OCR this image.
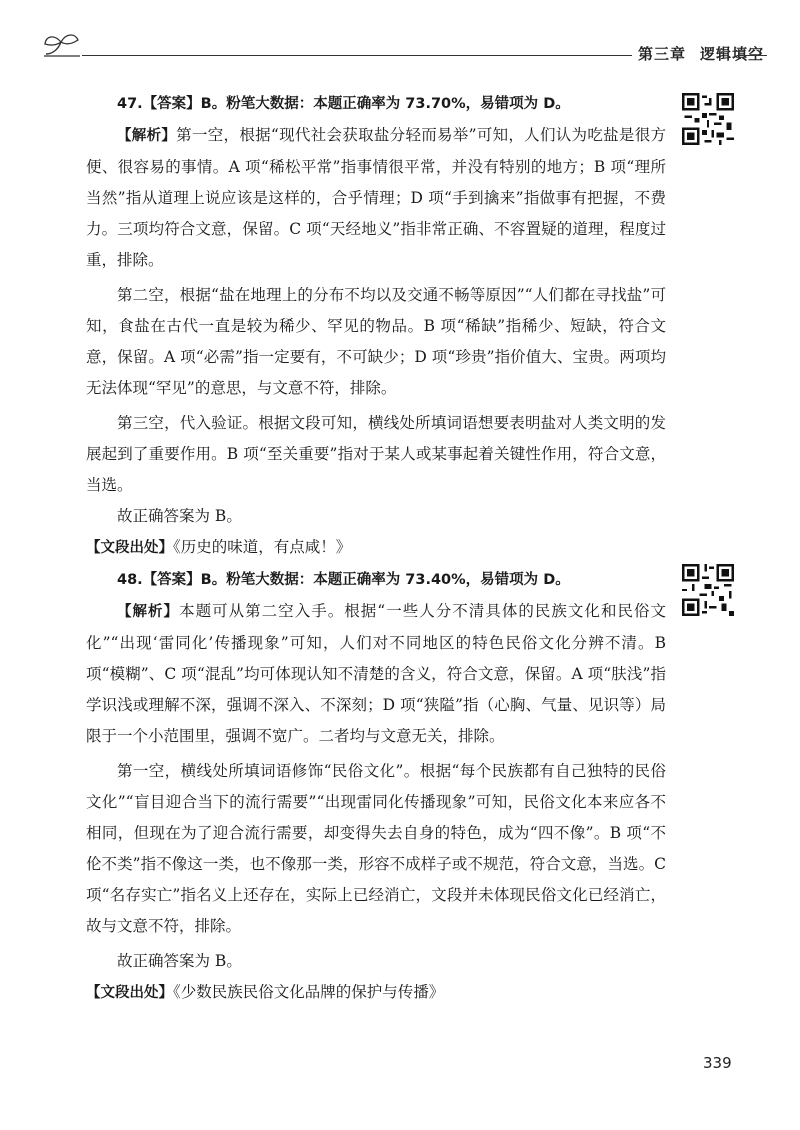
第三章 逻辑填空

47.【答案】B。粉笔大数据：本题正确率为 73.70%，易错项为 D。

【解析】第一空，根据“现代社会获取盐分轻而易举”可知，人们认为吃盐是很方便、很容易的事情。A 项“稀松平常”指事情很平常，并没有特别的地方；B 项“理所当然”指从道理上说应该是这样的，合乎情理；D 项“手到擒来”指做事有把握，不费力。三项均符合文意，保留。C 项“天经地义”指非常正确、不容置疑的道理，程度过重，排除。

第二空，根据“盐在地理上的分布不均以及交通不畅等原因”“人们都在寻找盐”可知，食盐在古代一直是较为稀少、罕见的物品。B 项“稀缺”指稀少、短缺，符合文意，保留。A 项“必需”指一定要有，不可缺少；D 项“珍贵”指价值大、宝贵。两项均无法体现“罕见”的意思，与文意不符，排除。

第三空，代入验证。根据文段可知，横线处所填词语想要表明盐对人类文明的发展起到了重要作用。B 项“至关重要”指对于某人或某事起着关键性作用，符合文意，当选。

故正确答案为 B。

【文段出处】《历史的味道，有点咸！》

48.【答案】B。粉笔大数据：本题正确率为 73.40%，易错项为 D。

【解析】本题可从第二空入手。根据“一些人分不清具体的民族文化和民俗文化”“出现‘雷同化’传播现象”可知，人们对不同地区的特色民俗文化分辨不清。B 项“模糊”、C 项“混乱”均可体现认知不清楚的含义，符合文意，保留。A 项“肤浅”指学识浅或理解不深，强调不深入、不深刻；D 项“狭隘”指（心胸、气量、见识等）局限于一个小范围里，强调不宽广。二者均与文意无关，排除。

第一空，横线处所填词语修饰“民俗文化”。根据“每个民族都有自己独特的民俗文化”“盲目迎合当下的流行需要”“出现雷同化传播现象”可知，民俗文化本来应各不相同，但现在为了迎合流行需要，却变得失去自身的特色，成为“四不像”。B 项“不伦不类”指不像这一类，也不像那一类，形容不成样子或不规范，符合文意，当选。C 项“名存实亡”指名义上还存在，实际上已经消亡，文段并未体现民俗文化已经消亡，故与文意不符，排除。

故正确答案为 B。

【文段出处】《少数民族民俗文化品牌的保护与传播》

339
